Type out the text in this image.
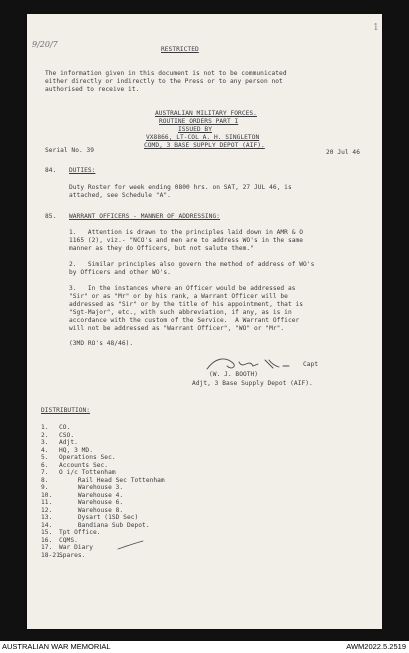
9/20/7
1
RESTRICTED
The information given in this document is not to be communicated
either directly or indirectly to the Press or to any person not
authorised to receive it.
AUSTRALIAN MILITARY FORCES.
ROUTINE ORDERS PART I
ISSUED BY
VX8866, LT-COL A. H. SINGLETON
COMD, 3 BASE SUPPLY DEPOT (AIF).
Serial No. 39	20 Jul 46
84. DUTIES:
Duty Roster for week ending 0800 hrs. on SAT, 27 JUL 46, is
attached, see Schedule "A".
85. WARRANT OFFICERS - MANNER OF ADDRESSING:
1.   Attention is drawn to the principles laid down in AMR & O
1165 (2), viz.- "NCO's and men are to address WO's in the same
manner as they do Officers, but not salute them."
2.   Similar principles also govern the method of address of WO's
by Officers and other WO's.
3.   In the instances where an Officer would be addressed as
"Sir" or as "Mr" or by his rank, a Warrant Officer will be
addressed as "Sir" or by the title of his appointment, that is
"Sgt-Major", etc., with such abbreviation, if any, as is in
accordance with the custom of the Service.  A Warrant Officer
will not be addressed as "Warrant Officer", "WO" or "Mr".
(3MD RO's 48/46).
Capt
(W. J. BOOTH)
Adjt, 3 Base Supply Depot (AIF).
DISTRIBUTION:
1. CO.
2. CSO.
3. Adjt.
4. HQ, 3 MD.
5. Operations Sec.
6. Accounts Sec.
7. O i/c Tottenham
8. Rail Head Sec Tottenham
9. Warehouse 3.
10. Warehouse 4.
11. Warehouse 6.
12. Warehouse 8.
13. Dysart (1SD Sec)
14. Bandiana Sub Depot.
15. Tpt Office.
16. CQMS.
17. War Diary
18-21.
Spares.
AUSTRALIAN WAR MEMORIAL	AWM2022.5.2519
